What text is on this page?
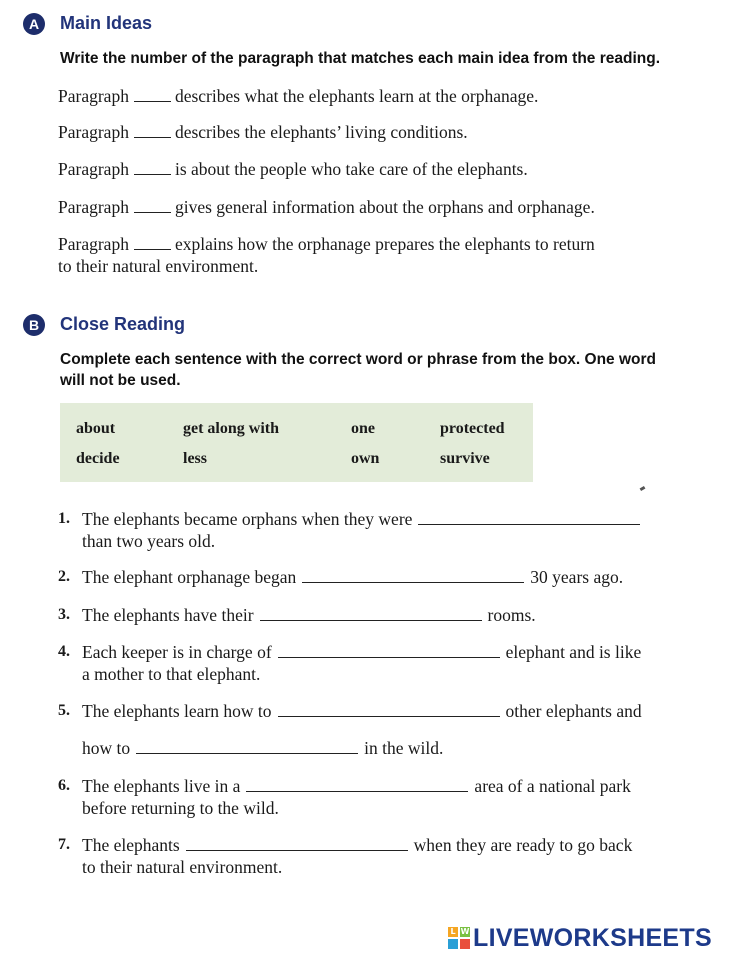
A	Main Ideas
Write the number of the paragraph that matches each main idea from the reading.
Paragraph	describes what the elephants learn at the orphanage.
Paragraph	describes the elephants’ living conditions.
Paragraph	is about the people who take care of the elephants.
Paragraph	gives general information about the orphans and orphanage.
Paragraph	explains how the orphanage prepares the elephants to return
to their natural environment.
B	Close Reading
Complete each sentence with the correct word or phrase from the box. One word
will not be used.
about	get along with	one	protected
decide	less	own	survive
1. The elephants became orphans when they were
than two years old.
2. The elephant orphanage began	30 years ago.
3. The elephants have their	rooms.
4. Each keeper is in charge of	elephant and is like
a mother to that elephant.
5. The elephants learn how to	other elephants and
how to	in the wild.
6. The elephants live in a	area of a national park
before returning to the wild.
7. The elephants	when they are ready to go back
to their natural environment.
L W LIVEWORKSHEETS
